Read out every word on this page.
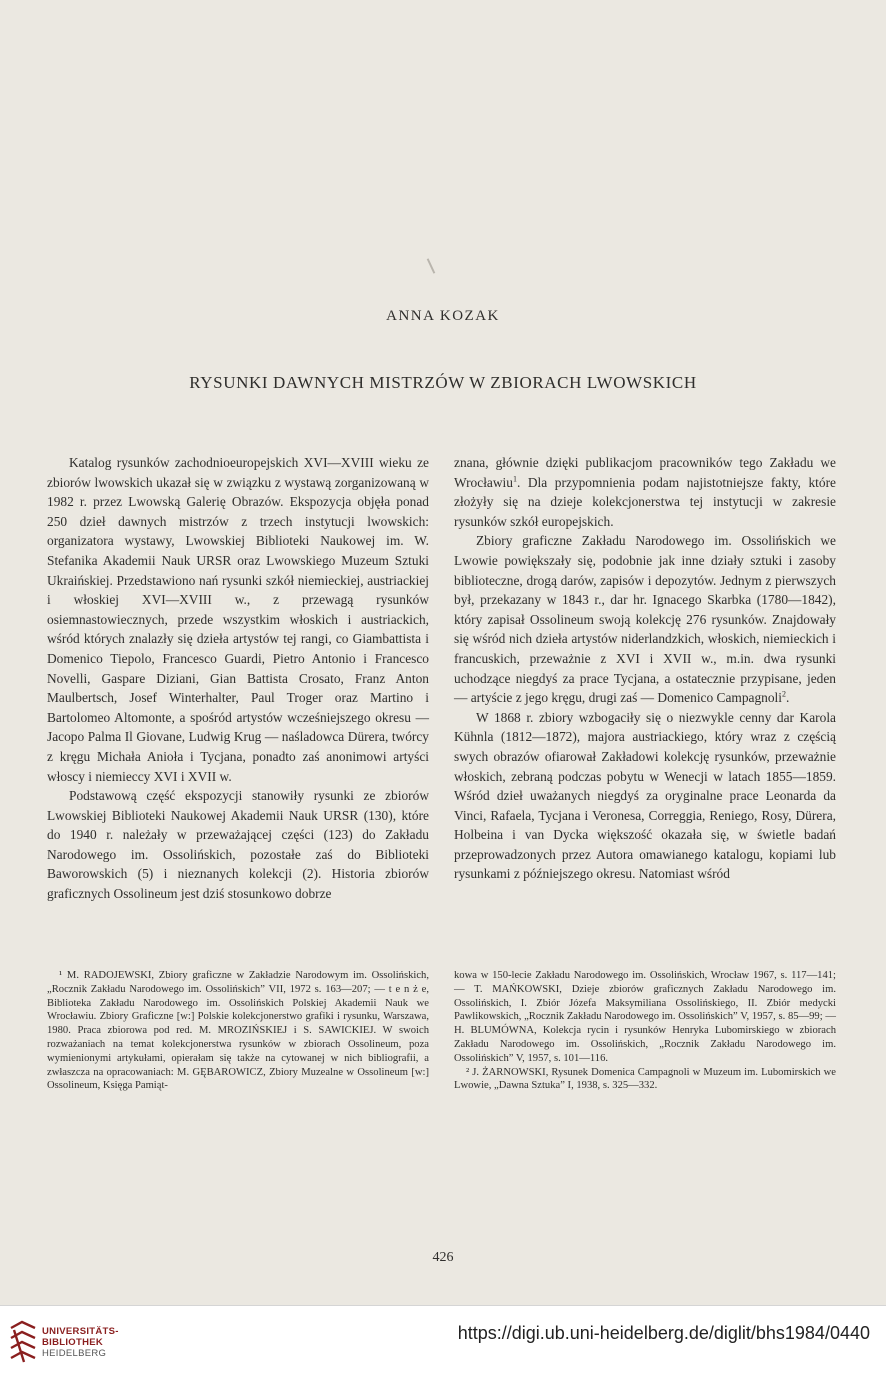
ANNA KOZAK
RYSUNKI DAWNYCH MISTRZÓW W ZBIORACH LWOWSKICH

Katalog rysunków zachodnioeuropejskich XVI—XVIII wieku ze zbiorów lwowskich ukazał się w związku z wystawą zorganizowaną w 1982 r. przez Lwowską Galerię Obrazów. Ekspozycja objęła ponad 250 dzieł dawnych mistrzów z trzech instytucji lwowskich: organizatora wystawy, Lwowskiej Biblioteki Naukowej im. W. Stefanika Akademii Nauk URSR oraz Lwowskiego Muzeum Sztuki Ukraińskiej. Przedstawiono nań rysunki szkół niemieckiej, austriackiej i włoskiej XVI—XVIII w., z przewagą rysunków osiemnastowiecznych, przede wszystkim włoskich i austriackich, wśród których znalazły się dzieła artystów tej rangi, co Giambattista i Domenico Tiepolo, Francesco Guardi, Pietro Antonio i Francesco Novelli, Gaspare Diziani, Gian Battista Crosato, Franz Anton Maulbertsch, Josef Winterhalter, Paul Troger oraz Martino i Bartolomeo Altomonte, a spośród artystów wcześniejszego okresu — Jacopo Palma Il Giovane, Ludwig Krug — naśladowca Dürera, twórcy z kręgu Michała Anioła i Tycjana, ponadto zaś anonimowi artyści włoscy i niemieccy XVI i XVII w.

Podstawową część ekspozycji stanowiły rysunki ze zbiorów Lwowskiej Biblioteki Naukowej Akademii Nauk URSR (130), które do 1940 r. należały w przeważającej części (123) do Zakładu Narodowego im. Ossolińskich, pozostałe zaś do Biblioteki Baworowskich (5) i nieznanych kolekcji (2). Historia zbiorów graficznych Ossolineum jest dziś stosunkowo dobrze

znana, głównie dzięki publikacjom pracowników tego Zakładu we Wrocławiu$^1$. Dla przypomnienia podam najistotniejsze fakty, które złożyły się na dzieje kolekcjonerstwa tej instytucji w zakresie rysunków szkół europejskich.

Zbiory graficzne Zakładu Narodowego im. Ossolińskich we Lwowie powiększały się, podobnie jak inne działy sztuki i zasoby biblioteczne, drogą darów, zapisów i depozytów. Jednym z pierwszych był, przekazany w 1843 r., dar hr. Ignacego Skarbka (1780—1842), który zapisał Ossolineum swoją kolekcję 276 rysunków. Znajdowały się wśród nich dzieła artystów niderlandzkich, włoskich, niemieckich i francuskich, przeważnie z XVI i XVII w., m.in. dwa rysunki uchodzące niegdyś za prace Tycjana, a ostatecznie przypisane, jeden — artyście z jego kręgu, drugi zaś — Domenico Campagnoli$^2$.

W 1868 r. zbiory wzbogaciły się o niezwykle cenny dar Karola Kühnla (1812—1872), majora austriackiego, który wraz z częścią swych obrazów ofiarował Zakładowi kolekcję rysunków, przeważnie włoskich, zebraną podczas pobytu w Wenecji w latach 1855—1859. Wśród dzieł uważanych niegdyś za oryginalne prace Leonarda da Vinci, Rafaela, Tycjana i Veronesa, Correggia, Reniego, Rosy, Dürera, Holbeina i van Dycka większość okazała się, w świetle badań przeprowadzonych przez Autora omawianego katalogu, kopiami lub rysunkami z późniejszego okresu. Natomiast wśród

¹ M. RADOJEWSKI, Zbiory graficzne w Zakładzie Narodowym im. Ossolińskich, „Rocznik Zakładu Narodowego im. Ossolińskich” VII, 1972 s. 163—207; — t e n ż e, Biblioteka Zakładu Narodowego im. Ossolińskich Polskiej Akademii Nauk we Wrocławiu. Zbiory Graficzne [w:] Polskie kolekcjonerstwo grafiki i rysunku, Warszawa, 1980. Praca zbiorowa pod red. M. MROZIŃSKIEJ i S. SAWICKIEJ. W swoich rozważaniach na temat kolekcjonerstwa rysunków w zbiorach Ossolineum, poza wymienionymi artykułami, opierałam się także na cytowanej w nich bibliografii, a zwłaszcza na opracowaniach: M. GĘBAROWICZ, Zbiory Muzealne w Ossolineum [w:] Ossolineum, Księga Pamiąt-

kowa w 150-lecie Zakładu Narodowego im. Ossolińskich, Wrocław 1967, s. 117—141; — T. MAŃKOWSKI, Dzieje zbiorów graficznych Zakładu Narodowego im. Ossolińskich, I. Zbiór Józefa Maksymiliana Ossolińskiego, II. Zbiór medycki Pawlikowskich, „Rocznik Zakładu Narodowego im. Ossolińskich” V, 1957, s. 85—99; — H. BLUMÓWNA, Kolekcja rycin i rysunków Henryka Lubomirskiego w zbiorach Zakładu Narodowego im. Ossolińskich, „Rocznik Zakładu Narodowego im. Ossolińskich” V, 1957, s. 101—116.

² J. ŻARNOWSKI, Rysunek Domenica Campagnoli w Muzeum im. Lubomirskich we Lwowie, „Dawna Sztuka” I, 1938, s. 325—332.

426
UNIVERSITÄTS-
BIBLIOTHEK
HEIDELBERG
https://digi.ub.uni-heidelberg.de/diglit/bhs1984/0440
